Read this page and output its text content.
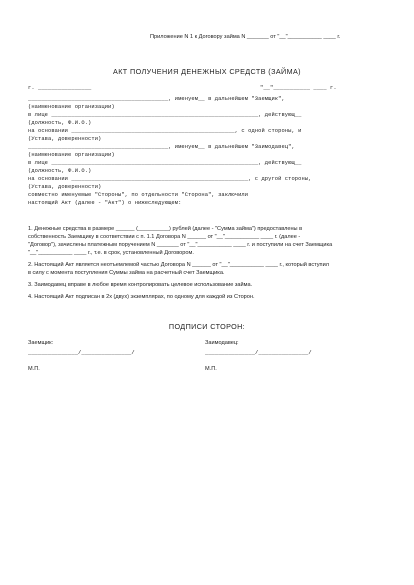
Приложение N 1 к Договору займа N _______ от "__"___________ ____ г.
АКТ ПОЛУЧЕНИЯ ДЕНЕЖНЫХ СРЕДСТВ (ЗАЙМА)
г. ________________	"__"___________ ____ г.
__________________________________________, именуем__ в дальнейшем "Заемщик",
(наименование организации)
в лице ______________________________________________________________, действующ__
(должность, Ф.И.О.)
на основании _________________________________________________, с одной стороны, и
(Устава, доверенности)
__________________________________________, именуем__ в дальнейшем "Заимодавец",
(наименование организации)
в лице ______________________________________________________________, действующ__
(должность, Ф.И.О.)
на основании _____________________________________________________, с другой стороны,
(Устава, доверенности)
совместно именуемые "Стороны", по отдельности "Сторона", заключили
настоящий Акт (далее - "Акт") о нижеследующем:
1. Денежные средства в размере ______ (__________) рублей (далее - "Сумма займа") предоставлены в
собственность Заемщику в соответствии с п. 1.1 Договора N ______ от "__"___________ ____ г. (далее -
"Договор"), зачислены платежным поручением N _______ от "__"___________ ____ г. и поступили на счет Заемщика
"__"___________ ____ г., т.е. в срок, установленный Договором.
2. Настоящий Акт является неотъемлемой частью Договора N ______ от "__"___________ ____ г., который вступил
в силу с момента поступления Суммы займа на расчетный счет Заемщика.
3. Заимодавец вправе в любое время контролировать целевое использование займа.
4. Настоящий Акт подписан в 2х (двух) экземплярах, по одному для каждой из Сторон.
ПОДПИСИ СТОРОН:
Заемщик:	Заимодавец:
_______________/_______________/	_______________/_______________/
М.П.	М.П.
